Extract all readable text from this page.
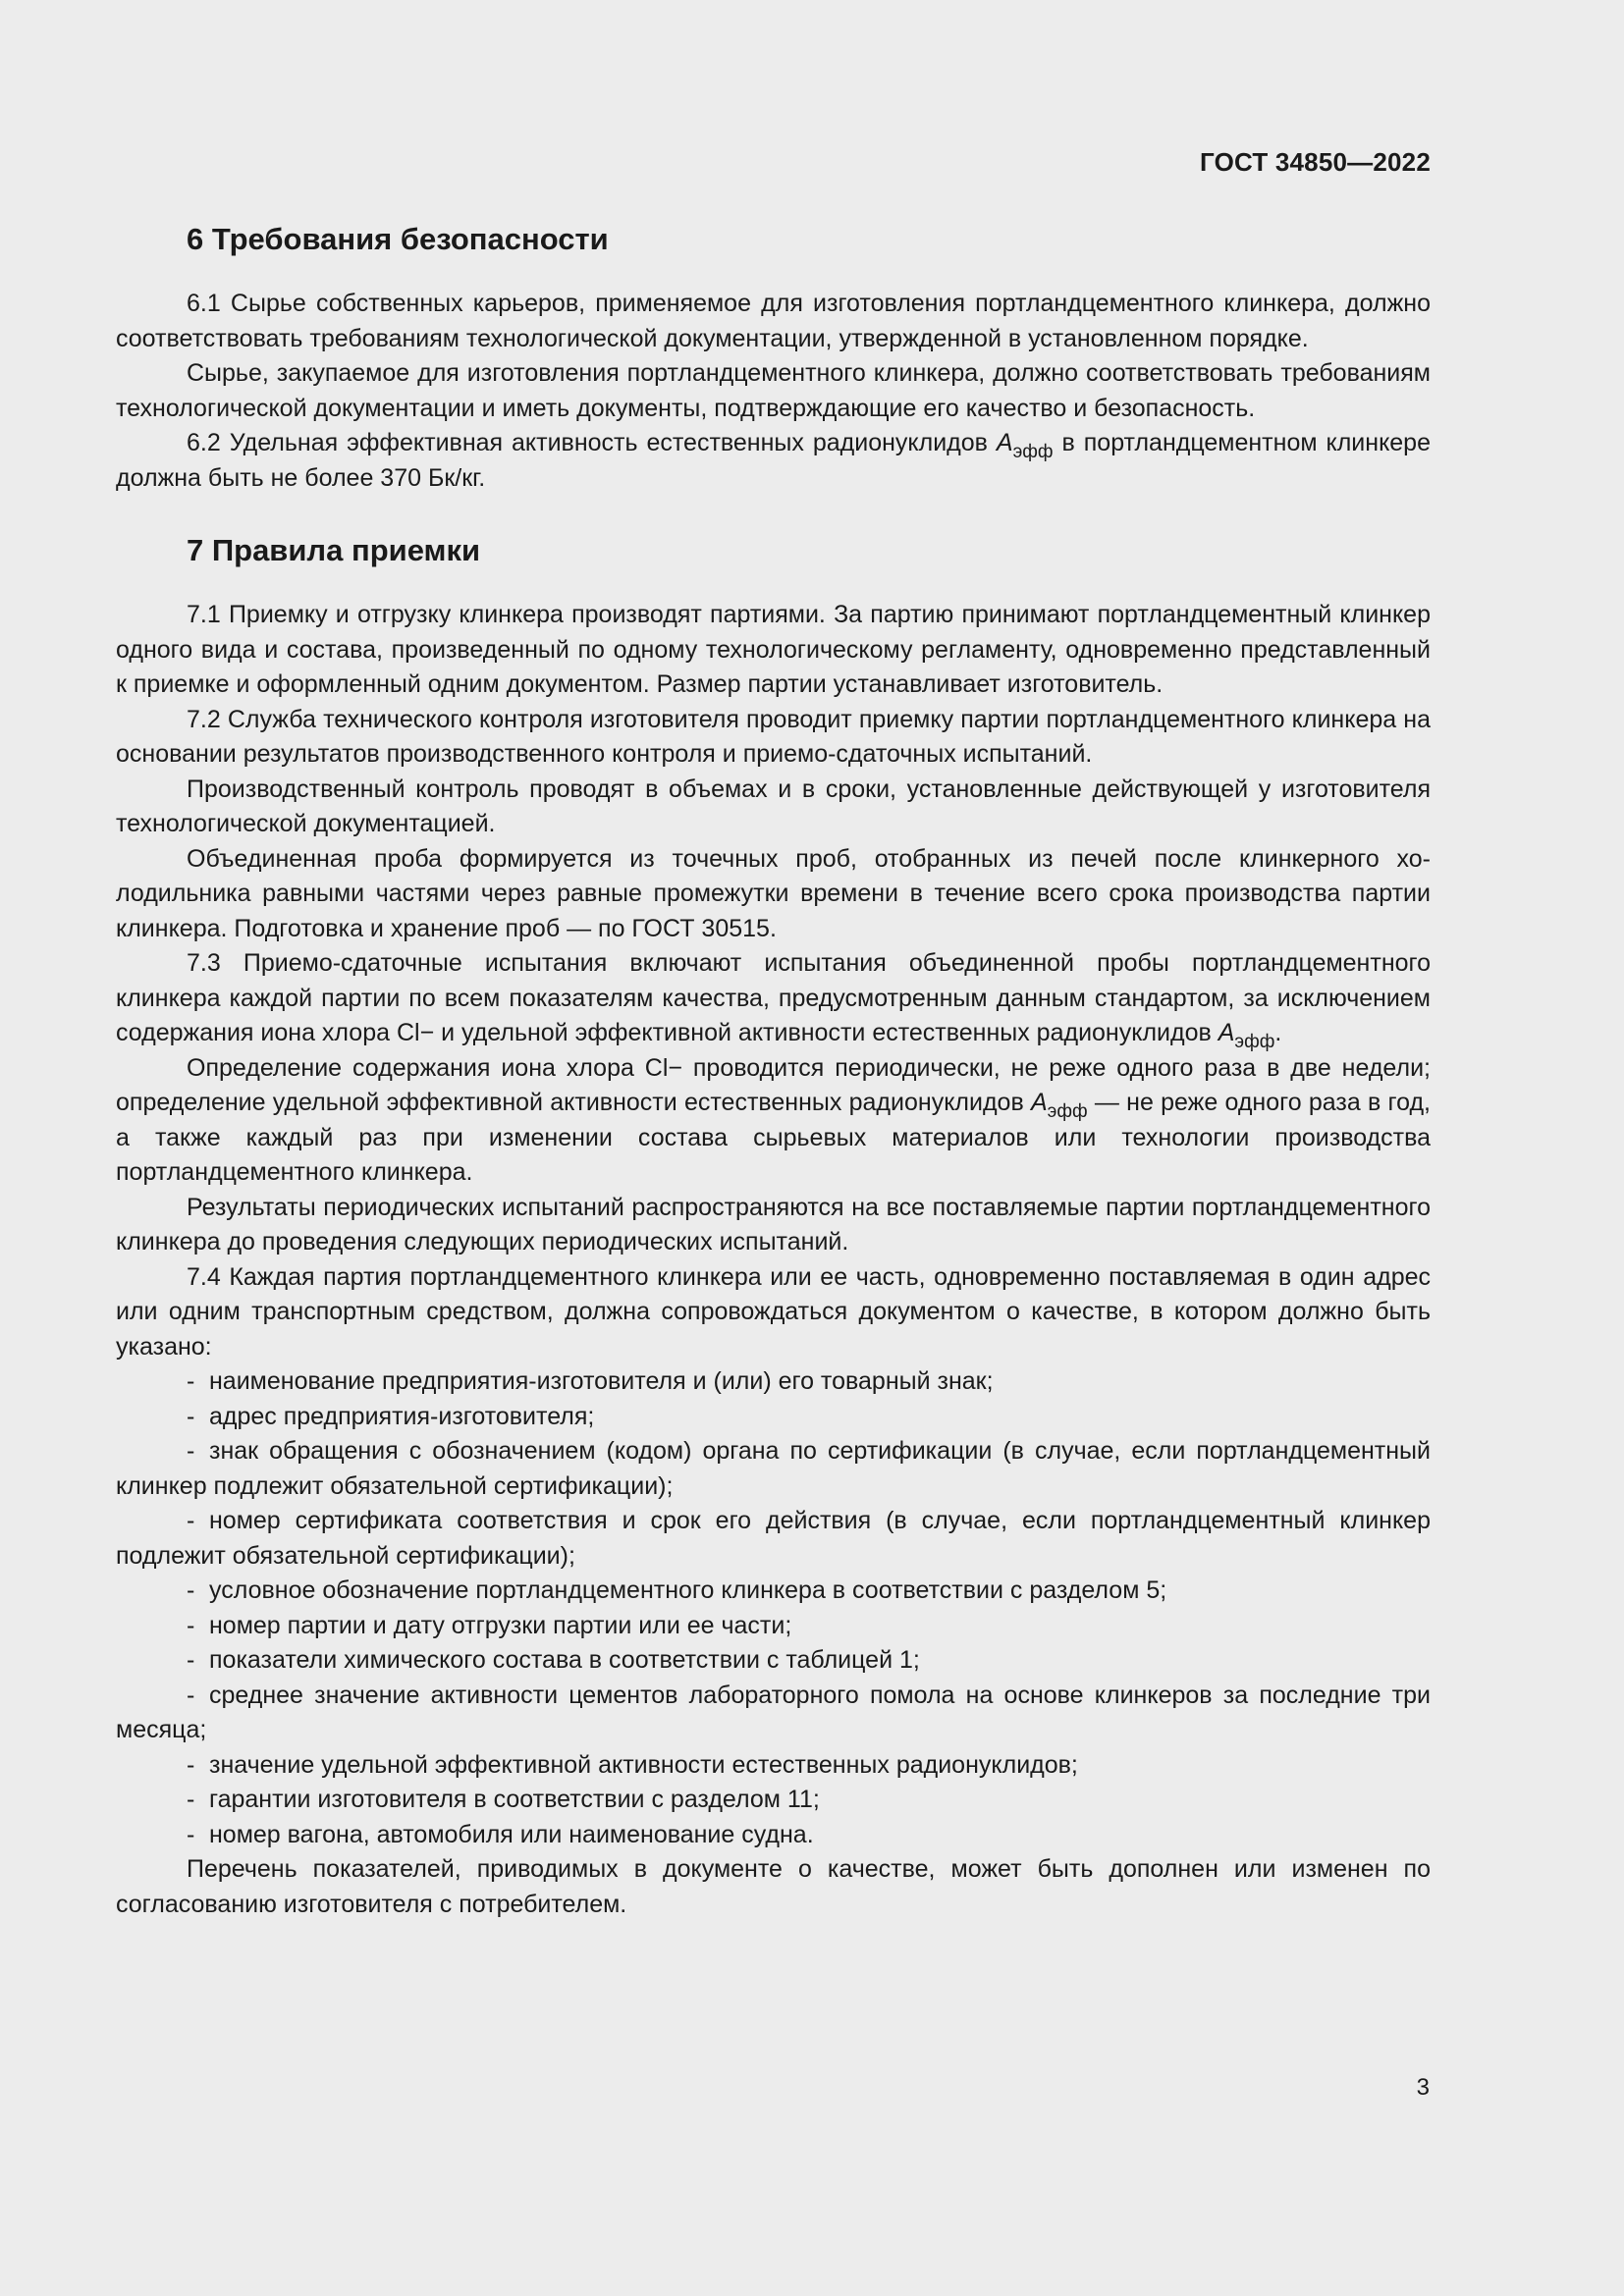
ГОСТ 34850—2022
6 Требования безопасности

6.1 Сырье собственных карьеров, применяемое для изготовления портландцементного клинкера, должно соответствовать требованиям технологической документации, утвержденной в установленном порядке.

Сырье, закупаемое для изготовления портландцементного клинкера, должно соответствовать требованиям технологической документации и иметь документы, подтверждающие его качество и безопасность.

6.2 Удельная эффективная активность естественных радионуклидов $A_{эфф}$ в портландцементном клинкере должна быть не более 370 Бк/кг.

7 Правила приемки

7.1 Приемку и отгрузку клинкера производят партиями. За партию принимают портландцементный клинкер одного вида и состава, произведенный по одному технологическому регламенту, одновременно представленный к приемке и оформленный одним документом. Размер партии устанавливает изготовитель.

7.2 Служба технического контроля изготовителя проводит приемку партии портландцементного клинкера на основании результатов производственного контроля и приемо-сдаточных испытаний.

Производственный контроль проводят в объемах и в сроки, установленные действующей у изготовителя технологической документацией.

Объединенная проба формируется из точечных проб, отобранных из печей после клинкерного холодильника равными частями через равные промежутки времени в течение всего срока производства партии клинкера. Подготовка и хранение проб — по ГОСТ 30515.

7.3 Приемо-сдаточные испытания включают испытания объединенной пробы портландцементного клинкера каждой партии по всем показателям качества, предусмотренным данным стандартом, за исключением содержания иона хлора Cl− и удельной эффективной активности естественных радионуклидов $A_{эфф}$.

Определение содержания иона хлора Cl− проводится периодически, не реже одного раза в две недели; определение удельной эффективной активности естественных радионуклидов $A_{эфф}$ — не реже одного раза в год, а также каждый раз при изменении состава сырьевых материалов или технологии производства портландцементного клинкера.

Результаты периодических испытаний распространяются на все поставляемые партии портландцементного клинкера до проведения следующих периодических испытаний.

7.4 Каждая партия портландцементного клинкера или ее часть, одновременно поставляемая в один адрес или одним транспортным средством, должна сопровождаться документом о качестве, в котором должно быть указано:

- наименование предприятия-изготовителя и (или) его товарный знак;
- адрес предприятия-изготовителя;
- знак обращения с обозначением (кодом) органа по сертификации (в случае, если портландцементный клинкер подлежит обязательной сертификации);
- номер сертификата соответствия и срок его действия (в случае, если портландцементный клинкер подлежит обязательной сертификации);
- условное обозначение портландцементного клинкера в соответствии с разделом 5;
- номер партии и дату отгрузки партии или ее части;
- показатели химического состава в соответствии с таблицей 1;
- среднее значение активности цементов лабораторного помола на основе клинкеров за последние три месяца;
- значение удельной эффективной активности естественных радионуклидов;
- гарантии изготовителя в соответствии с разделом 11;
- номер вагона, автомобиля или наименование судна.

Перечень показателей, приводимых в документе о качестве, может быть дополнен или изменен по согласованию изготовителя с потребителем.

3
